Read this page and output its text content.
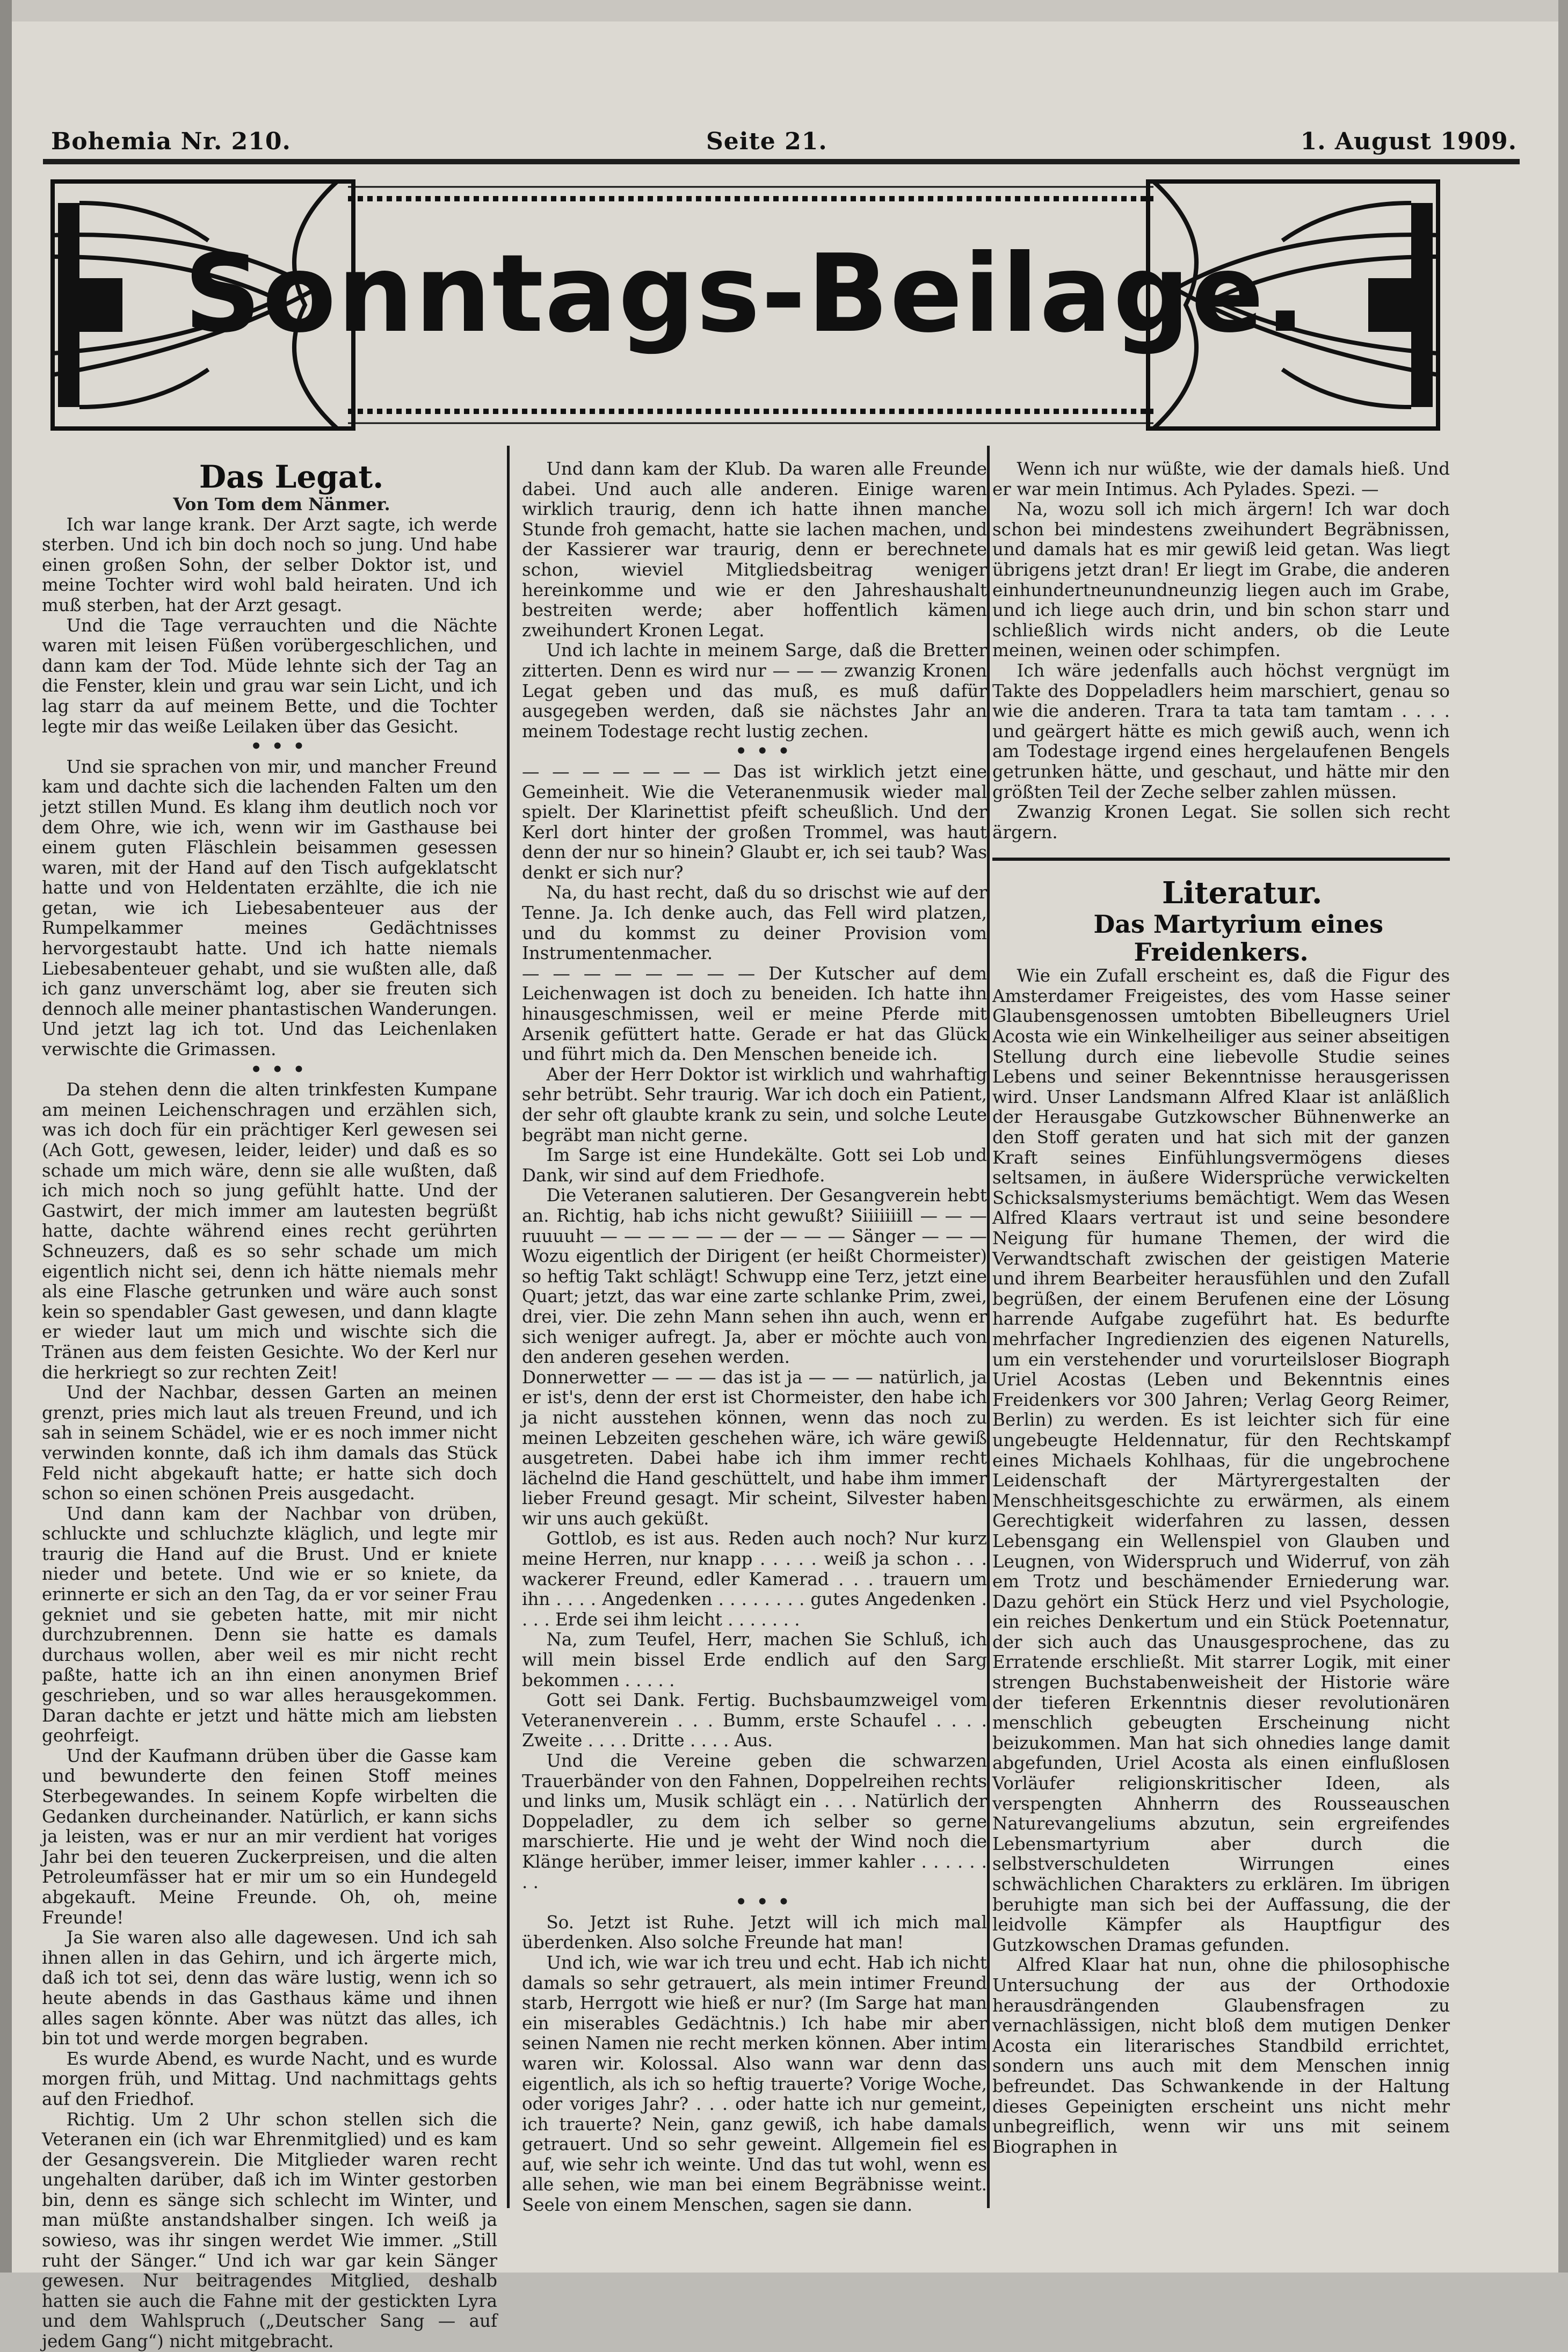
Bohemia Nr. 210.	Seite 21.	1. August 1909.

Sonntags-Beilage.

Das Legat.

Von Tom dem Nänmer.

Ich war lange krank. Der Arzt sagte, ich werde sterben. Und ich bin doch noch so jung. Und habe einen großen Sohn, der selber Doktor ist, und meine Tochter wird wohl bald heiraten. Und ich muß sterben, hat der Arzt gesagt.

Und die Tage verrauchten und die Nächte waren mit leisen Füßen vorübergeschlichen, und dann kam der Tod. Müde lehnte sich der Tag an die Fenster, klein und grau war sein Licht, und ich lag starr da auf meinem Bette, und die Tochter legte mir das weiße Leilaken über das Gesicht.

•••

Und sie sprachen von mir, und mancher Freund kam und dachte sich die lachenden Falten um den jetzt stillen Mund. Es klang ihm deutlich noch vor dem Ohre, wie ich, wenn wir im Gasthause bei einem guten Fläschlein beisammen gesessen waren, mit der Hand auf den Tisch aufgeklatscht hatte und von Heldentaten erzählte, die ich nie getan, wie ich Liebesabenteuer aus der Rumpelkammer meines Gedächtnisses hervorgestaubt hatte. Und ich hatte niemals Liebesabenteuer gehabt, und sie wußten alle, daß ich ganz unverschämt log, aber sie freuten sich dennoch alle meiner phantastischen Wanderungen. Und jetzt lag ich tot. Und das Leichenlaken verwischte die Grimassen.

•••

Da stehen denn die alten trinkfesten Kumpane am meinen Leichenschragen und erzählen sich, was ich doch für ein prächtiger Kerl gewesen sei (Ach Gott, gewesen, leider, leider) und daß es so schade um mich wäre, denn sie alle wußten, daß ich mich noch so jung gefühlt hatte. Und der Gastwirt, der mich immer am lautesten begrüßt hatte, dachte während eines recht gerührten Schneuzers, daß es so sehr schade um mich eigentlich nicht sei, denn ich hätte niemals mehr als eine Flasche getrunken und wäre auch sonst kein so spendabler Gast gewesen, und dann klagte er wieder laut um mich und wischte sich die Tränen aus dem feisten Gesichte. Wo der Kerl nur die herkriegt so zur rechten Zeit!

Und der Nachbar, dessen Garten an meinen grenzt, pries mich laut als treuen Freund, und ich sah in seinem Schädel, wie er es noch immer nicht verwinden konnte, daß ich ihm damals das Stück Feld nicht abgekauft hatte; er hatte sich doch schon so einen schönen Preis ausgedacht.

Und dann kam der Nachbar von drüben, schluckte und schluchzte kläglich, und legte mir traurig die Hand auf die Brust. Und er kniete nieder und betete. Und wie er so kniete, da erinnerte er sich an den Tag, da er vor seiner Frau gekniet und sie gebeten hatte, mit mir nicht durchzubrennen. Denn sie hatte es damals durchaus wollen, aber weil es mir nicht recht paßte, hatte ich an ihn einen anonymen Brief geschrieben, und so war alles herausgekommen. Daran dachte er jetzt und hätte mich am liebsten geohrfeigt.

Und der Kaufmann drüben über die Gasse kam und bewunderte den feinen Stoff meines Sterbegewandes. In seinem Kopfe wirbelten die Gedanken durcheinander. Natürlich, er kann sichs ja leisten, was er nur an mir verdient hat voriges Jahr bei den teueren Zuckerpreisen, und die alten Petroleumfässer hat er mir um so ein Hundegeld abgekauft. Meine Freunde. Oh, oh, meine Freunde!

Ja Sie waren also alle dagewesen. Und ich sah ihnen allen in das Gehirn, und ich ärgerte mich, daß ich tot sei, denn das wäre lustig, wenn ich so heute abends in das Gasthaus käme und ihnen alles sagen könnte. Aber was nützt das alles, ich bin tot und werde morgen begraben.

Es wurde Abend, es wurde Nacht, und es wurde morgen früh, und Mittag. Und nachmittags gehts auf den Friedhof.

Richtig. Um 2 Uhr schon stellen sich die Veteranen ein (ich war Ehrenmitglied) und es kam der Gesangsverein. Die Mitglieder waren recht ungehalten darüber, daß ich im Winter gestorben bin, denn es sänge sich schlecht im Winter, und man müßte anstandshalber singen. Ich weiß ja sowieso, was ihr singen werdet Wie immer. „Still ruht der Sänger.“ Und ich war gar kein Sänger gewesen. Nur beitragendes Mitglied, deshalb hatten sie auch die Fahne mit der gestickten Lyra und dem Wahlspruch („Deutscher Sang — auf jedem Gang“) nicht mitgebracht.

Und dann kam der Klub. Da waren alle Freunde dabei. Und auch alle anderen. Einige waren wirklich traurig, denn ich hatte ihnen manche Stunde froh gemacht, hatte sie lachen machen, und der Kassierer war traurig, denn er berechnete schon, wieviel Mitgliedsbeitrag weniger hereinkomme und wie er den Jahreshaushalt bestreiten werde; aber hoffentlich kämen zweihundert Kronen Legat.

Und ich lachte in meinem Sarge, daß die Bretter zitterten. Denn es wird nur — — — zwanzig Kronen Legat geben und das muß, es muß dafür ausgegeben werden, daß sie nächstes Jahr an meinem Todestage recht lustig zechen.

•••

— — — — — — — Das ist wirklich jetzt eine Gemeinheit. Wie die Veteranenmusik wieder mal spielt. Der Klarinettist pfeift scheußlich. Und der Kerl dort hinter der großen Trommel, was haut denn der nur so hinein? Glaubt er, ich sei taub? Was denkt er sich nur?

Na, du hast recht, daß du so drischst wie auf der Tenne. Ja. Ich denke auch, das Fell wird platzen, und du kommst zu deiner Provision vom Instrumentenmacher.

— — — — — — — — Der Kutscher auf dem Leichenwagen ist doch zu beneiden. Ich hatte ihn hinausgeschmissen, weil er meine Pferde mit Arsenik gefüttert hatte. Gerade er hat das Glück und führt mich da. Den Menschen beneide ich.

Aber der Herr Doktor ist wirklich und wahrhaftig sehr betrübt. Sehr traurig. War ich doch ein Patient, der sehr oft glaubte krank zu sein, und solche Leute begräbt man nicht gerne.

Im Sarge ist eine Hundekälte. Gott sei Lob und Dank, wir sind auf dem Friedhofe.

Die Veteranen salutieren. Der Gesangverein hebt an. Richtig, hab ichs nicht gewußt? Siiiiiiill — — — ruuuuht — — — — — — der — — — Sänger — — — Wozu eigentlich der Dirigent (er heißt Chormeister) so heftig Takt schlägt! Schwupp eine Terz, jetzt eine Quart; jetzt, das war eine zarte schlanke Prim, zwei, drei, vier. Die zehn Mann sehen ihn auch, wenn er sich weniger aufregt. Ja, aber er möchte auch von den anderen gesehen werden.

Donnerwetter — — — das ist ja — — — natürlich, ja er ist's, denn der erst ist Chormeister, den habe ich ja nicht ausstehen können, wenn das noch zu meinen Lebzeiten geschehen wäre, ich wäre gewiß ausgetreten. Dabei habe ich ihm immer recht lächelnd die Hand geschüttelt, und habe ihm immer lieber Freund gesagt. Mir scheint, Silvester haben wir uns auch geküßt.

Gottlob, es ist aus. Reden auch noch? Nur kurz meine Herren, nur knapp . . . . . weiß ja schon . . . wackerer Freund, edler Kamerad . . . trauern um ihn . . . . Angedenken . . . . . . . . gutes Angedenken . . . . Erde sei ihm leicht . . . . . . .

Na, zum Teufel, Herr, machen Sie Schluß, ich will mein bissel Erde endlich auf den Sarg bekommen . . . . .

Gott sei Dank. Fertig. Buchsbaumzweigel vom Veteranenverein . . . Bumm, erste Schaufel . . . . Zweite . . . . Dritte . . . . Aus.

Und die Vereine geben die schwarzen Trauerbänder von den Fahnen, Doppelreihen rechts und links um, Musik schlägt ein . . . Natürlich der Doppeladler, zu dem ich selber so gerne marschierte. Hie und je weht der Wind noch die Klänge herüber, immer leiser, immer kahler . . . . . . . .

•••

So. Jetzt ist Ruhe. Jetzt will ich mich mal überdenken. Also solche Freunde hat man!

Und ich, wie war ich treu und echt. Hab ich nicht damals so sehr getrauert, als mein intimer Freund starb, Herrgott wie hieß er nur? (Im Sarge hat man ein miserables Gedächtnis.) Ich habe mir aber seinen Namen nie recht merken können. Aber intim waren wir. Kolossal. Also wann war denn das eigentlich, als ich so heftig trauerte? Vorige Woche, oder voriges Jahr? . . . oder hatte ich nur gemeint, ich trauerte? Nein, ganz gewiß, ich habe damals getrauert. Und so sehr geweint. Allgemein fiel es auf, wie sehr ich weinte. Und das tut wohl, wenn es alle sehen, wie man bei einem Begräbnisse weint. Seele von einem Menschen, sagen sie dann.

Wenn ich nur wüßte, wie der damals hieß. Und er war mein Intimus. Ach Pylades. Spezi. —

Na, wozu soll ich mich ärgern! Ich war doch schon bei mindestens zweihundert Begräbnissen, und damals hat es mir gewiß leid getan. Was liegt übrigens jetzt dran! Er liegt im Grabe, die anderen einhundertneunundneunzig liegen auch im Grabe, und ich liege auch drin, und bin schon starr und schließlich wirds nicht anders, ob die Leute meinen, weinen oder schimpfen.

Ich wäre jedenfalls auch höchst vergnügt im Takte des Doppeladlers heim marschiert, genau so wie die anderen. Trara ta tata tam tamtam . . . . und geärgert hätte es mich gewiß auch, wenn ich am Todestage irgend eines hergelaufenen Bengels getrunken hätte, und geschaut, und hätte mir den größten Teil der Zeche selber zahlen müssen.

Zwanzig Kronen Legat. Sie sollen sich recht ärgern.

Literatur.

Das Martyrium eines Freidenkers.

Wie ein Zufall erscheint es, daß die Figur des Amsterdamer Freigeistes, des vom Hasse seiner Glaubensgenossen umtobten Bibelleugners Uriel Acosta wie ein Winkelheiliger aus seiner abseitigen Stellung durch eine liebevolle Studie seines Lebens und seiner Bekenntnisse herausgerissen wird. Unser Landsmann Alfred Klaar ist anläßlich der Herausgabe Gutzkowscher Bühnenwerke an den Stoff geraten und hat sich mit der ganzen Kraft seines Einfühlungsvermögens dieses seltsamen, in äußere Widersprüche verwickelten Schicksalsmysteriums bemächtigt. Wem das Wesen Alfred Klaars vertraut ist und seine besondere Neigung für humane Themen, der wird die Verwandtschaft zwischen der geistigen Materie und ihrem Bearbeiter herausfühlen und den Zufall begrüßen, der einem Berufenen eine der Lösung harrende Aufgabe zugeführt hat. Es bedurfte mehrfacher Ingredienzien des eigenen Naturells, um ein verstehender und vorurteilsloser Biograph Uriel Acostas (Leben und Bekenntnis eines Freidenkers vor 300 Jahren; Verlag Georg Reimer, Berlin) zu werden. Es ist leichter sich für eine ungebeugte Heldennatur, für den Rechtskampf eines Michaels Kohlhaas, für die ungebrochene Leidenschaft der Märtyrergestalten der Menschheitsgeschichte zu erwärmen, als einem Gerechtigkeit widerfahren zu lassen, dessen Lebensgang ein Wellenspiel von Glauben und Leugnen, von Widerspruch und Widerruf, von zäh em Trotz und beschämender Erniederung war. Dazu gehört ein Stück Herz und viel Psychologie, ein reiches Denkertum und ein Stück Poetennatur, der sich auch das Unausgesprochene, das zu Erratende erschließt. Mit starrer Logik, mit einer strengen Buchstabenweisheit der Historie wäre der tieferen Erkenntnis dieser revolutionären menschlich gebeugten Erscheinung nicht beizukommen. Man hat sich ohnedies lange damit abgefunden, Uriel Acosta als einen einflußlosen Vorläufer religionskritischer Ideen, als verspengten Ahnherrn des Rousseauschen Naturevangeliums abzutun, sein ergreifendes Lebensmartyrium aber durch die selbstverschuldeten Wirrungen eines schwächlichen Charakters zu erklären. Im übrigen beruhigte man sich bei der Auffassung, die der leidvolle Kämpfer als Hauptfigur des Gutzkowschen Dramas gefunden.

Alfred Klaar hat nun, ohne die philosophische Untersuchung der aus der Orthodoxie herausdrängenden Glaubensfragen zu vernachlässigen, nicht bloß dem mutigen Denker Acosta ein literarisches Standbild errichtet, sondern uns auch mit dem Menschen innig befreundet. Das Schwankende in der Haltung dieses Gepeinigten erscheint uns nicht mehr unbegreiflich, wenn wir uns mit seinem Biographen in
